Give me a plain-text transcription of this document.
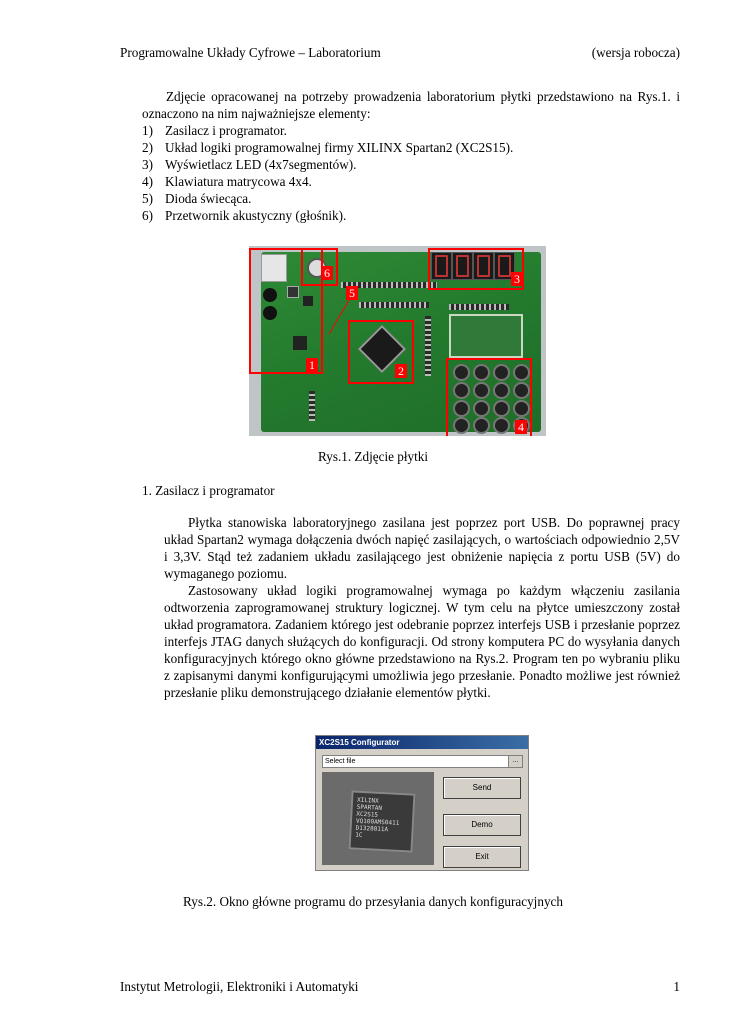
Programowalne Układy Cyfrowe – Laboratorium	(wersja robocza)
Zdjęcie opracowanej na potrzeby prowadzenia laboratorium płytki przedstawiono na Rys.1. i oznaczono na nim najważniejsze elementy:
1) Zasilacz i programator.
2) Układ logiki programowalnej firmy XILINX Spartan2 (XC2S15).
3) Wyświetlacz LED (4x7segmentów).
4) Klawiatura matrycowa 4x4.
5) Dioda świecąca.
6) Przetwornik akustyczny (głośnik).
1	2
3
4
5
6
Rys.1. Zdjęcie płytki
1. Zasilacz i programator
Płytka stanowiska laboratoryjnego zasilana jest poprzez port USB. Do poprawnej pracy układ Spartan2 wymaga dołączenia dwóch napięć zasilających, o wartościach odpowiednio 2,5V i 3,3V. Stąd też zadaniem układu zasilającego jest obniżenie napięcia z portu USB (5V) do wymaganego poziomu.
Zastosowany układ logiki programowalnej wymaga po każdym włączeniu zasilania odtworzenia zaprogramowanej struktury logicznej. W tym celu na płytce umieszczony został układ programatora. Zadaniem którego jest odebranie poprzez interfejs USB i przesłanie poprzez interfejs JTAG danych służących do konfiguracji. Od strony komputera PC do wysyłania danych konfiguracyjnych którego okno główne przedstawiono na Rys.2. Program ten po wybraniu pliku z zapisanymi danymi konfigurującymi umożliwia jego przesłanie. Ponadto możliwe jest również przesłanie pliku demonstrującego działanie elementów płytki.
XC2S15 Configurator
Select file	...
XILINX
SPARTAN
XC2S15
VQ100AMS0411
D1328011A
1C
Send
Demo
Exit
Rys.2. Okno główne programu do przesyłania danych konfiguracyjnych
Instytut Metrologii, Elektroniki i Automatyki	1
